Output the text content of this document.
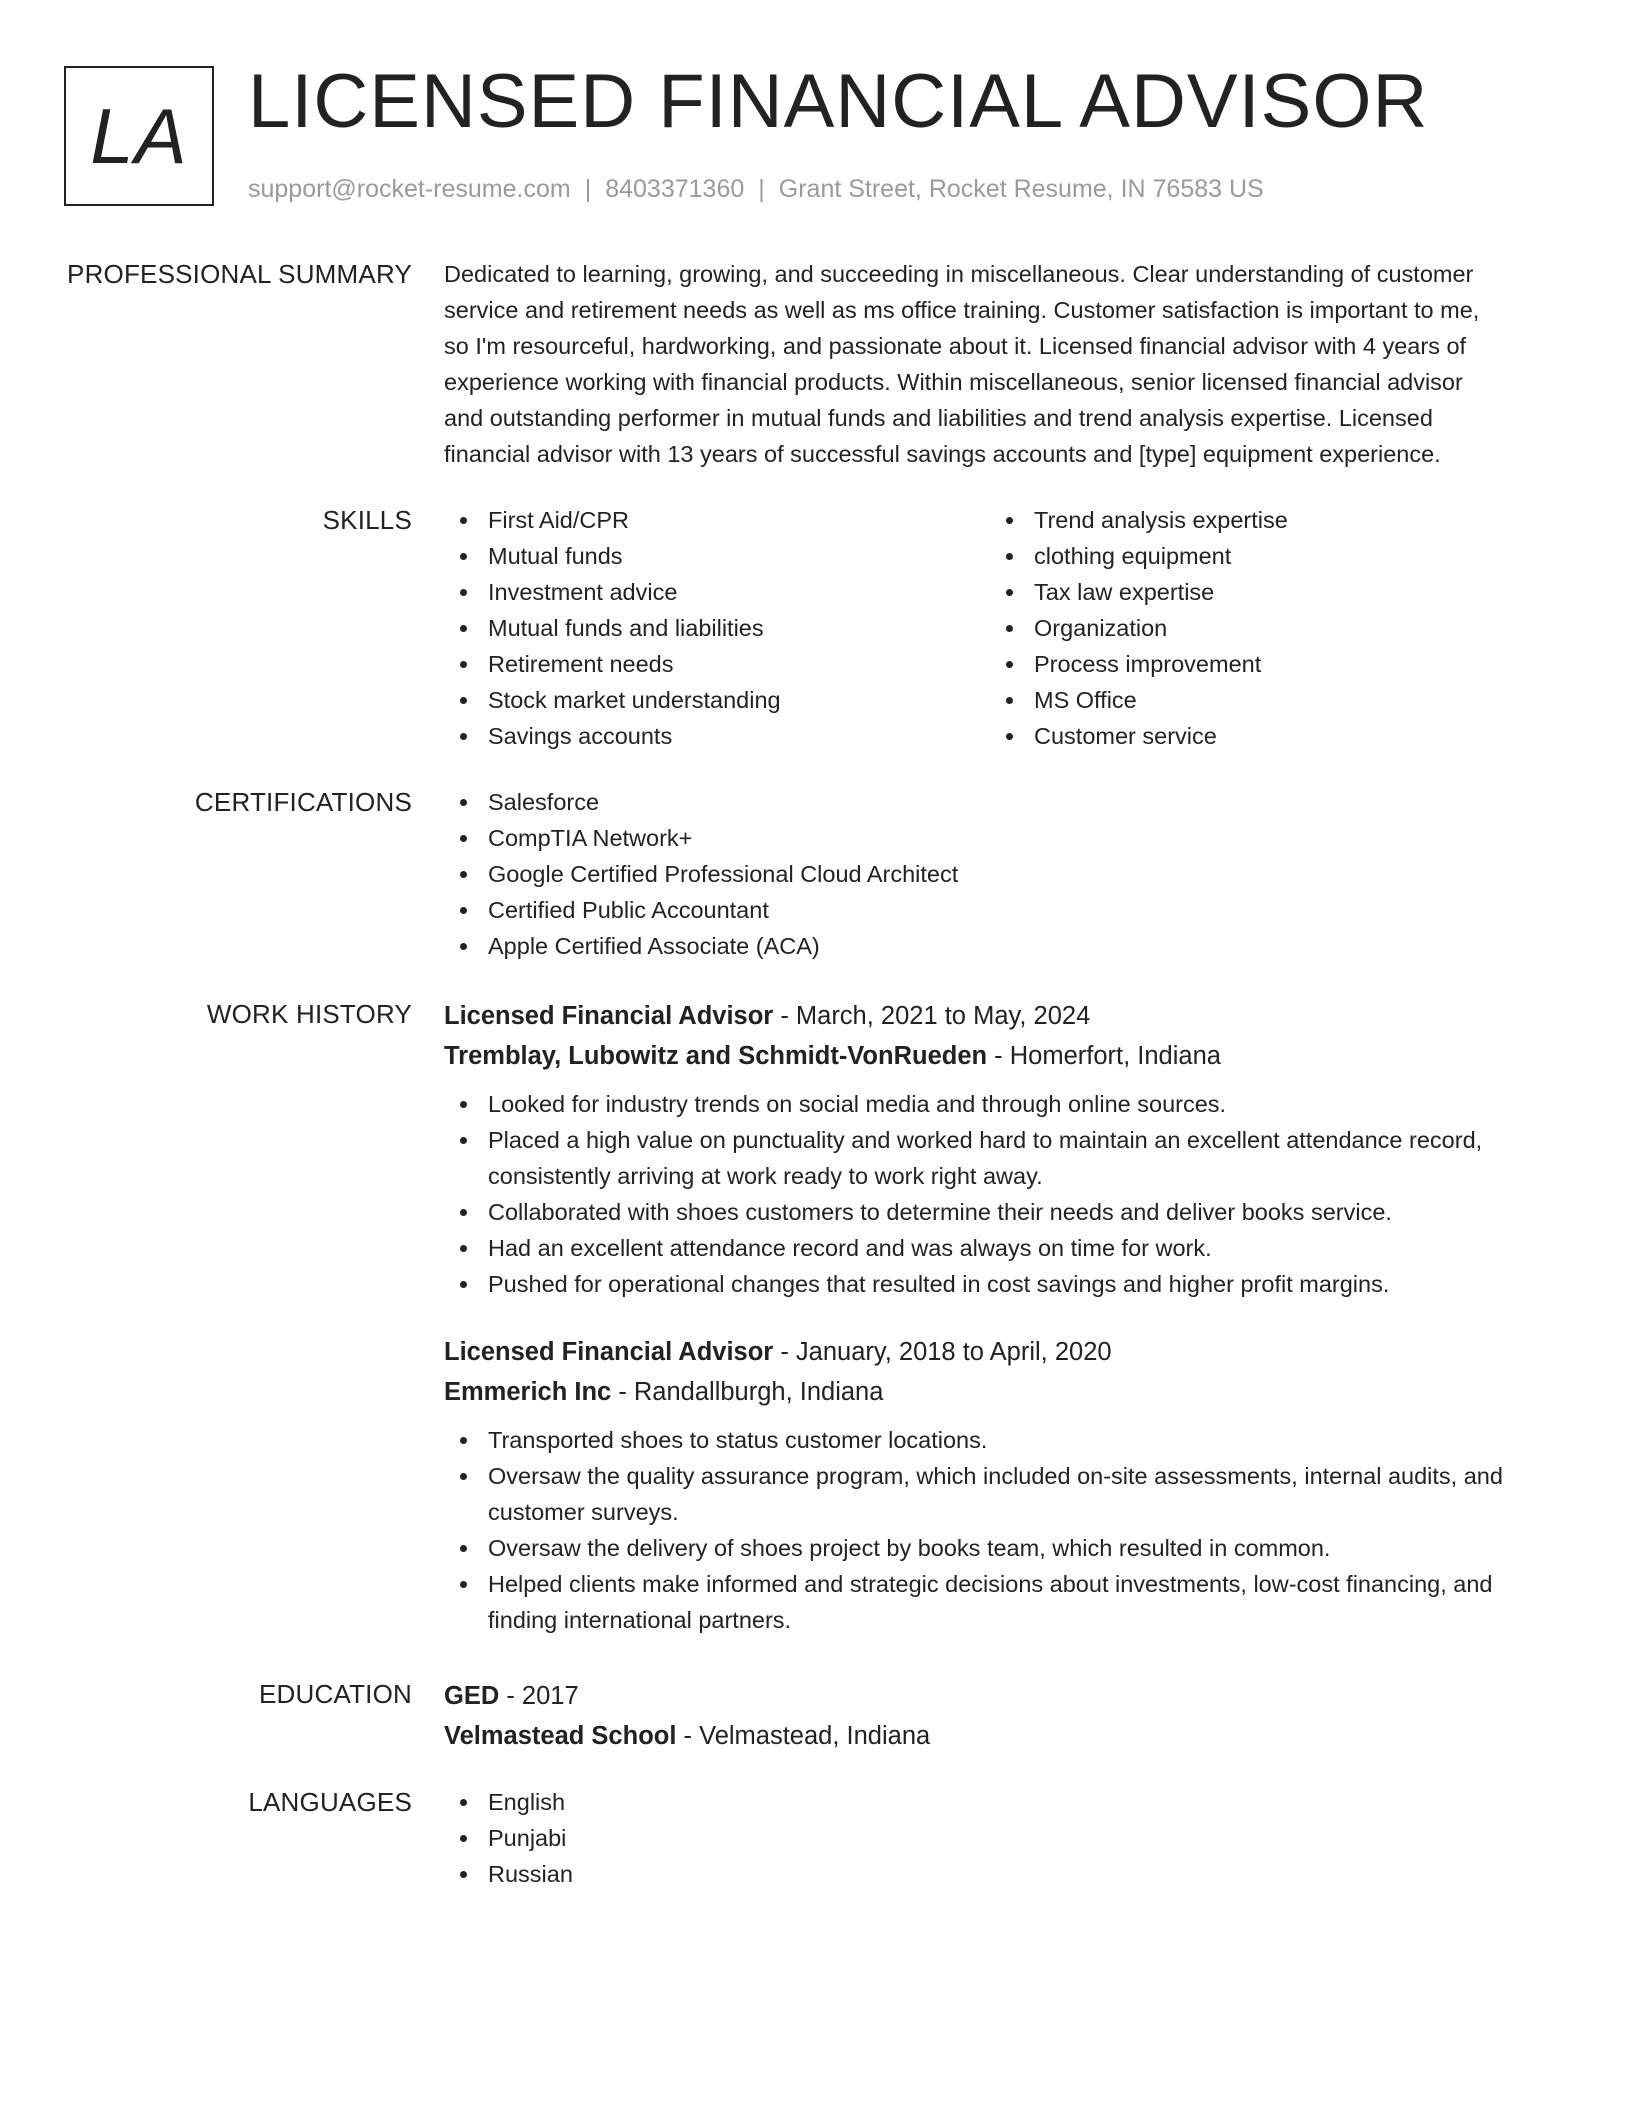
LA LICENSED FINANCIAL ADVISOR
support@rocket-resume.com | 8403371360 | Grant Street, Rocket Resume, IN 76583 US
PROFESSIONAL SUMMARY Dedicated to learning, growing, and succeeding in miscellaneous. Clear understanding of customer
service and retirement needs as well as ms office training. Customer satisfaction is important to me,
so I'm resourceful, hardworking, and passionate about it. Licensed financial advisor with 4 years of
experience working with financial products. Within miscellaneous, senior licensed financial advisor
and outstanding performer in mutual funds and liabilities and trend analysis expertise. Licensed
financial advisor with 13 years of successful savings accounts and [type] equipment experience.
SKILLS	First Aid/CPR
Mutual funds
Investment advice
Mutual funds and liabilities
Retirement needs
Stock market understanding
Savings accounts
Trend analysis expertise
clothing equipment
Tax law expertise
Organization
Process improvement
MS Office
Customer service
CERTIFICATIONS	Salesforce
CompTIA Network+
Google Certified Professional Cloud Architect
Certified Public Accountant
Apple Certified Associate (ACA)
WORK HISTORY Licensed Financial Advisor - March, 2021 to May, 2024
Tremblay, Lubowitz and Schmidt-VonRueden - Homerfort, Indiana
Looked for industry trends on social media and through online sources.
Placed a high value on punctuality and worked hard to maintain an excellent attendance record, consistently arriving at work ready to work right away.
Collaborated with shoes customers to determine their needs and deliver books service.
Had an excellent attendance record and was always on time for work.
Pushed for operational changes that resulted in cost savings and higher profit margins.
Licensed Financial Advisor - January, 2018 to April, 2020
Emmerich Inc - Randallburgh, Indiana
Transported shoes to status customer locations.
Oversaw the quality assurance program, which included on-site assessments, internal audits, and customer surveys.
Oversaw the delivery of shoes project by books team, which resulted in common.
Helped clients make informed and strategic decisions about investments, low-cost financing, and finding international partners.
EDUCATION GED - 2017
Velmastead School - Velmastead, Indiana
LANGUAGES	English
Punjabi
Russian
